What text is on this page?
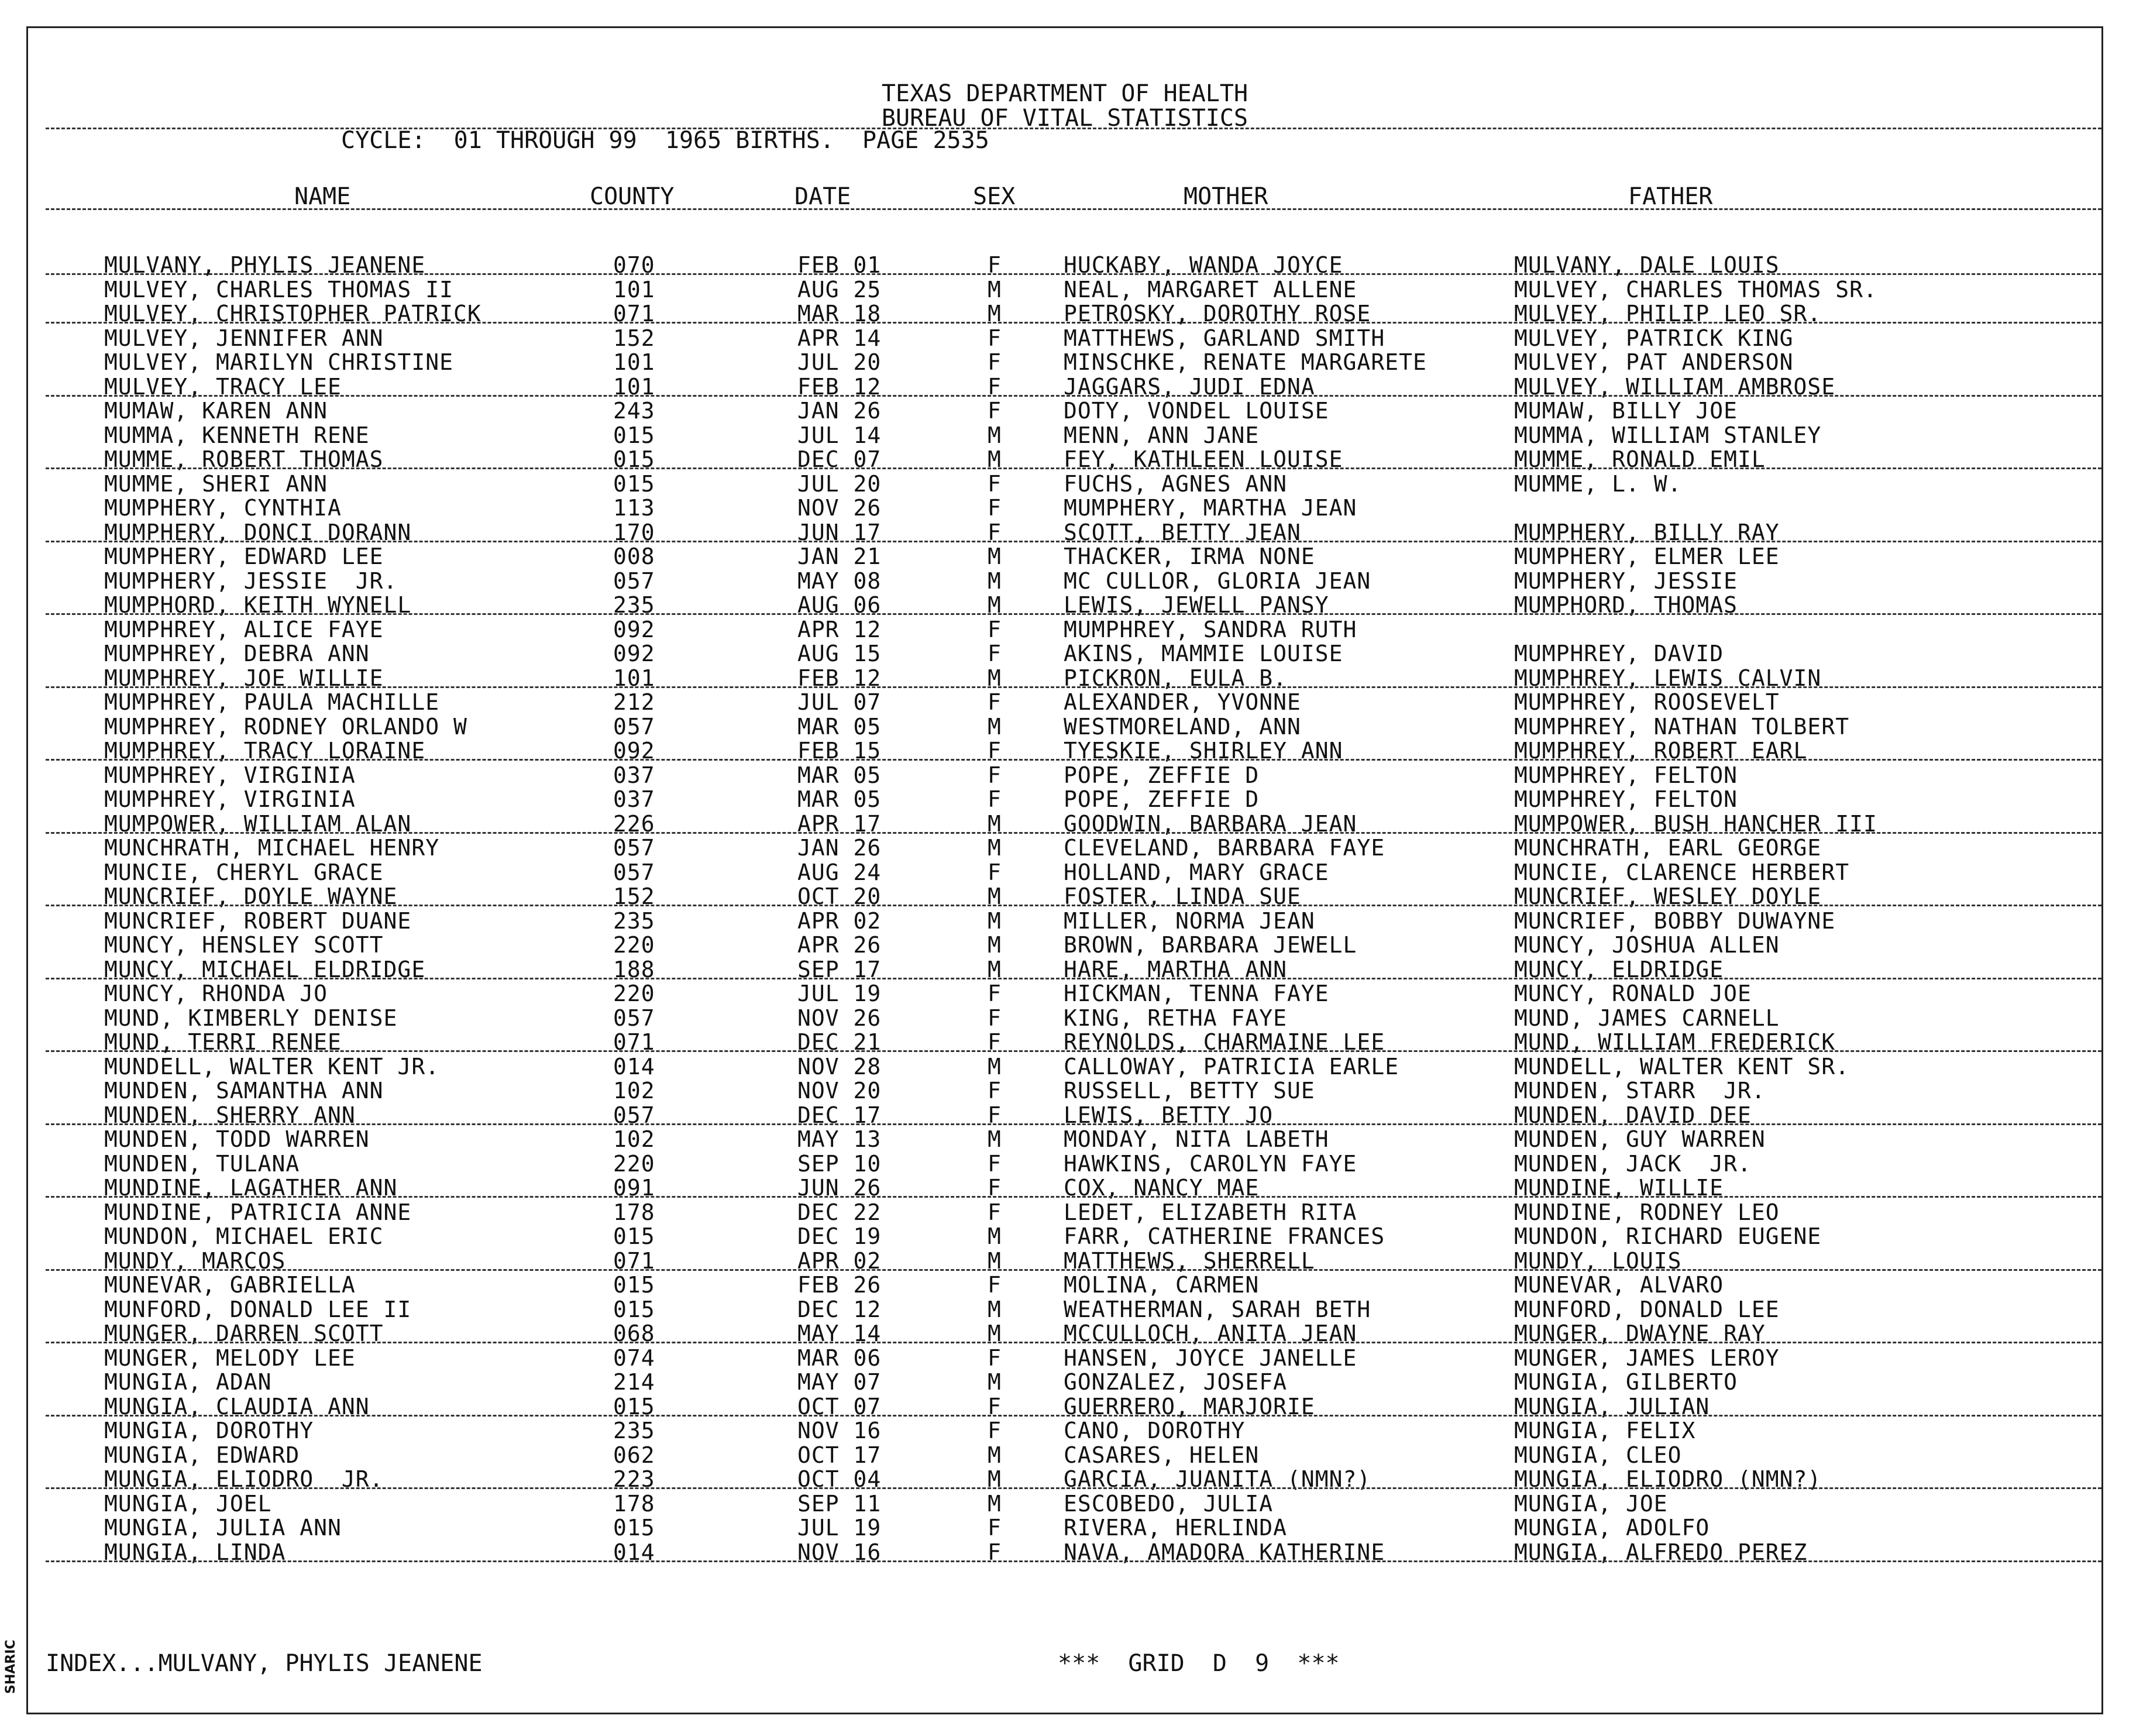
TEXAS DEPARTMENT OF HEALTH
BUREAU OF VITAL STATISTICS
CYCLE:  01 THROUGH 99  1965 BIRTHS.  PAGE 2535
NAME	COUNTY	DATE	SEX	MOTHER	FATHER
MULVANY, PHYLIS JEANENE	070	FEB 01	F	HUCKABY, WANDA JOYCE	MULVANY, DALE LOUIS
MULVEY, CHARLES THOMAS II	101	AUG 25	M	NEAL, MARGARET ALLENE	MULVEY, CHARLES THOMAS SR.
MULVEY, CHRISTOPHER PATRICK	071	MAR 18	M	PETROSKY, DOROTHY ROSE	MULVEY, PHILIP LEO SR.
MULVEY, JENNIFER ANN	152	APR 14	F	MATTHEWS, GARLAND SMITH	MULVEY, PATRICK KING
MULVEY, MARILYN CHRISTINE	101	JUL 20	F	MINSCHKE, RENATE MARGARETE	MULVEY, PAT ANDERSON
MULVEY, TRACY LEE	101	FEB 12	F	JAGGARS, JUDI EDNA	MULVEY, WILLIAM AMBROSE
MUMAW, KAREN ANN	243	JAN 26	F	DOTY, VONDEL LOUISE	MUMAW, BILLY JOE
MUMMA, KENNETH RENE	015	JUL 14	M	MENN, ANN JANE	MUMMA, WILLIAM STANLEY
MUMME, ROBERT THOMAS	015	DEC 07	M	FEY, KATHLEEN LOUISE	MUMME, RONALD EMIL
MUMME, SHERI ANN	015	JUL 20	F	FUCHS, AGNES ANN	MUMME, L. W.
MUMPHERY, CYNTHIA	113	NOV 26	F	MUMPHERY, MARTHA JEAN
MUMPHERY, DONCI DORANN	170	JUN 17	F	SCOTT, BETTY JEAN	MUMPHERY, BILLY RAY
MUMPHERY, EDWARD LEE	008	JAN 21	M	THACKER, IRMA NONE	MUMPHERY, ELMER LEE
MUMPHERY, JESSIE  JR.	057	MAY 08	M	MC CULLOR, GLORIA JEAN	MUMPHERY, JESSIE
MUMPHORD, KEITH WYNELL	235	AUG 06	M	LEWIS, JEWELL PANSY	MUMPHORD, THOMAS
MUMPHREY, ALICE FAYE	092	APR 12	F	MUMPHREY, SANDRA RUTH
MUMPHREY, DEBRA ANN	092	AUG 15	F	AKINS, MAMMIE LOUISE	MUMPHREY, DAVID
MUMPHREY, JOE WILLIE	101	FEB 12	M	PICKRON, EULA B.	MUMPHREY, LEWIS CALVIN
MUMPHREY, PAULA MACHILLE	212	JUL 07	F	ALEXANDER, YVONNE	MUMPHREY, ROOSEVELT
MUMPHREY, RODNEY ORLANDO W	057	MAR 05	M	WESTMORELAND, ANN	MUMPHREY, NATHAN TOLBERT
MUMPHREY, TRACY LORAINE	092	FEB 15	F	TYESKIE, SHIRLEY ANN	MUMPHREY, ROBERT EARL
MUMPHREY, VIRGINIA	037	MAR 05	F	POPE, ZEFFIE D	MUMPHREY, FELTON
MUMPHREY, VIRGINIA	037	MAR 05	F	POPE, ZEFFIE D	MUMPHREY, FELTON
MUMPOWER, WILLIAM ALAN	226	APR 17	M	GOODWIN, BARBARA JEAN	MUMPOWER, BUSH HANCHER III
MUNCHRATH, MICHAEL HENRY	057	JAN 26	M	CLEVELAND, BARBARA FAYE	MUNCHRATH, EARL GEORGE
MUNCIE, CHERYL GRACE	057	AUG 24	F	HOLLAND, MARY GRACE	MUNCIE, CLARENCE HERBERT
MUNCRIEF, DOYLE WAYNE	152	OCT 20	M	FOSTER, LINDA SUE	MUNCRIEF, WESLEY DOYLE
MUNCRIEF, ROBERT DUANE	235	APR 02	M	MILLER, NORMA JEAN	MUNCRIEF, BOBBY DUWAYNE
MUNCY, HENSLEY SCOTT	220	APR 26	M	BROWN, BARBARA JEWELL	MUNCY, JOSHUA ALLEN
MUNCY, MICHAEL ELDRIDGE	188	SEP 17	M	HARE, MARTHA ANN	MUNCY, ELDRIDGE
MUNCY, RHONDA JO	220	JUL 19	F	HICKMAN, TENNA FAYE	MUNCY, RONALD JOE
MUND, KIMBERLY DENISE	057	NOV 26	F	KING, RETHA FAYE	MUND, JAMES CARNELL
MUND, TERRI RENEE	071	DEC 21	F	REYNOLDS, CHARMAINE LEE	MUND, WILLIAM FREDERICK
MUNDELL, WALTER KENT JR.	014	NOV 28	M	CALLOWAY, PATRICIA EARLE	MUNDELL, WALTER KENT SR.
MUNDEN, SAMANTHA ANN	102	NOV 20	F	RUSSELL, BETTY SUE	MUNDEN, STARR  JR.
MUNDEN, SHERRY ANN	057	DEC 17	F	LEWIS, BETTY JO	MUNDEN, DAVID DEE
MUNDEN, TODD WARREN	102	MAY 13	M	MONDAY, NITA LABETH	MUNDEN, GUY WARREN
MUNDEN, TULANA	220	SEP 10	F	HAWKINS, CAROLYN FAYE	MUNDEN, JACK  JR.
MUNDINE, LAGATHER ANN	091	JUN 26	F	COX, NANCY MAE	MUNDINE, WILLIE
MUNDINE, PATRICIA ANNE	178	DEC 22	F	LEDET, ELIZABETH RITA	MUNDINE, RODNEY LEO
MUNDON, MICHAEL ERIC	015	DEC 19	M	FARR, CATHERINE FRANCES	MUNDON, RICHARD EUGENE
MUNDY, MARCOS	071	APR 02	M	MATTHEWS, SHERRELL	MUNDY, LOUIS
MUNEVAR, GABRIELLA	015	FEB 26	F	MOLINA, CARMEN	MUNEVAR, ALVARO
MUNFORD, DONALD LEE II	015	DEC 12	M	WEATHERMAN, SARAH BETH	MUNFORD, DONALD LEE
MUNGER, DARREN SCOTT	068	MAY 14	M	MCCULLOCH, ANITA JEAN	MUNGER, DWAYNE RAY
MUNGER, MELODY LEE	074	MAR 06	F	HANSEN, JOYCE JANELLE	MUNGER, JAMES LEROY
MUNGIA, ADAN	214	MAY 07	M	GONZALEZ, JOSEFA	MUNGIA, GILBERTO
MUNGIA, CLAUDIA ANN	015	OCT 07	F	GUERRERO, MARJORIE	MUNGIA, JULIAN
MUNGIA, DOROTHY	235	NOV 16	F	CANO, DOROTHY	MUNGIA, FELIX
MUNGIA, EDWARD	062	OCT 17	M	CASARES, HELEN	MUNGIA, CLEO
MUNGIA, ELIODRO  JR.	223	OCT 04	M	GARCIA, JUANITA (NMN?)	MUNGIA, ELIODRO (NMN?)
MUNGIA, JOEL	178	SEP 11	M	ESCOBEDO, JULIA	MUNGIA, JOE
MUNGIA, JULIA ANN	015	JUL 19	F	RIVERA, HERLINDA	MUNGIA, ADOLFO
MUNGIA, LINDA	014	NOV 16	F	NAVA, AMADORA KATHERINE	MUNGIA, ALFREDO PEREZ
INDEX...MULVANY, PHYLIS JEANENE	***  GRID  D  9  ***
SHARIC
